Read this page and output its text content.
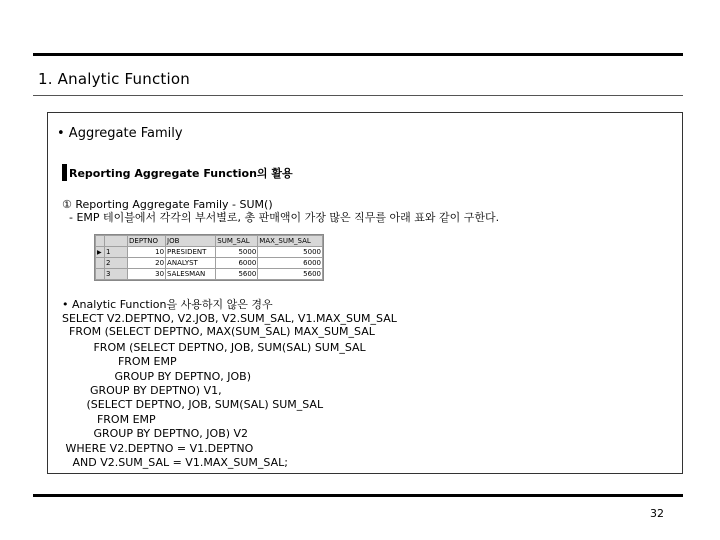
1. Analytic Function
• Aggregate Family
Reporting Aggregate Function의 활용
① Reporting Aggregate Family - SUM()
- EMP 테이블에서 각각의 부서별로, 총 판매액이 가장 많은 직무를 아래 표와 같이 구한다.
		DEPTNO	JOB	SUM_SAL	MAX_SUM_SAL
▶	1	10	PRESIDENT	5000	5000
	2	20	ANALYST	6000	6000
	3	30	SALESMAN	5600	5600
• Analytic Function을 사용하지 않은 경우
SELECT V2.DEPTNO, V2.JOB, V2.SUM_SAL, V1.MAX_SUM_SAL
FROM (SELECT DEPTNO, MAX(SUM_SAL) MAX_SUM_SAL
FROM (SELECT DEPTNO, JOB, SUM(SAL) SUM_SAL
FROM EMP
GROUP BY DEPTNO, JOB)
GROUP BY DEPTNO) V1,
(SELECT DEPTNO, JOB, SUM(SAL) SUM_SAL
FROM EMP
GROUP BY DEPTNO, JOB) V2
WHERE V2.DEPTNO = V1.DEPTNO
AND V2.SUM_SAL = V1.MAX_SUM_SAL;
32
